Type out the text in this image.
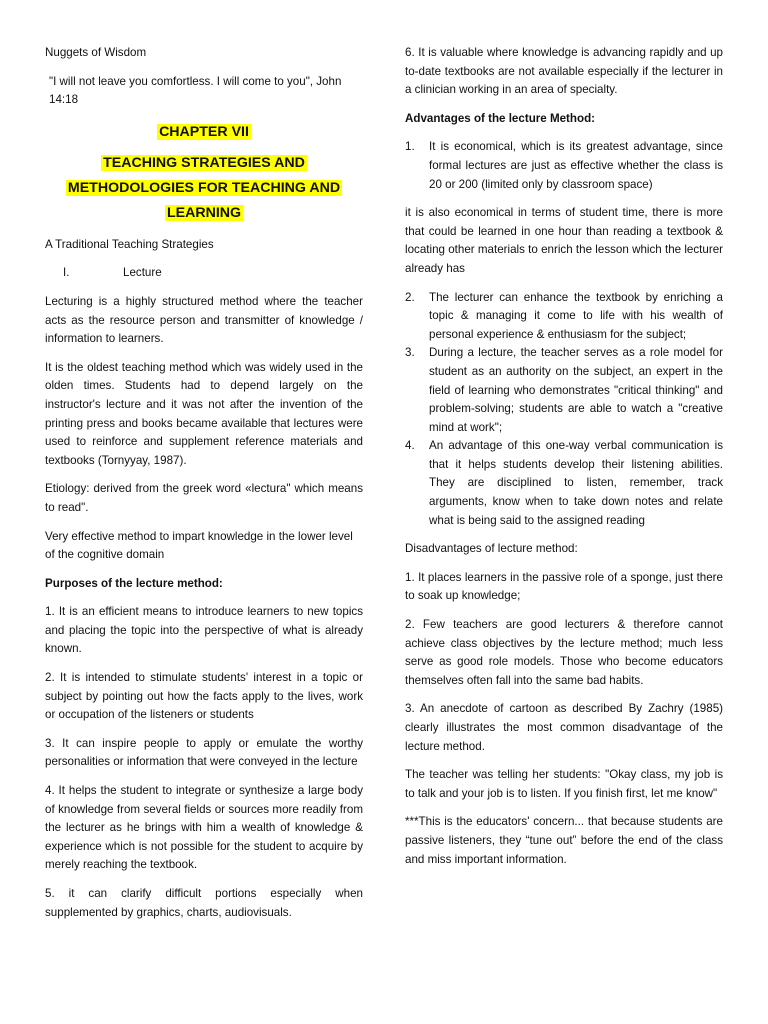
Nuggets of Wisdom

"I will not leave you comfortless. I will come to you", John 14:18

CHAPTER VII
TEACHING STRATEGIES AND
METHODOLOGIES FOR TEACHING AND
LEARNING

A Traditional Teaching Strategies

I.	Lecture

Lecturing is a highly structured method where the teacher acts as the resource person and transmitter of knowledge / information to learners.

It is the oldest teaching method which was widely used in the olden times. Students had to depend largely on the instructor's lecture and it was not after the invention of the printing press and books became available that lectures were used to reinforce and supplement reference materials and textbooks (Tornyyay, 1987).

Etiology: derived from the greek word «lectura" which means to read".

Very effective method to impart knowledge in the lower level of the cognitive domain

Purposes of the lecture method:

1. It is an efficient means to introduce learners to new topics and placing the topic into the perspective of what is already known.

2. It is intended to stimulate students' interest in a topic or subject by pointing out how the facts apply to the lives, work or occupation of the listeners or students

3. It can inspire people to apply or emulate the worthy personalities or information that were conveyed in the lecture

4. It helps the student to integrate or synthesize a large body of knowledge from several fields or sources more readily from the lecturer as he brings with him a wealth of knowledge & experience which is not possible for the student to acquire by merely reaching the textbook.

5. it can clarify difficult portions especially when supplemented by graphics, charts, audiovisuals.

6. It is valuable where knowledge is advancing rapidly and up to-date textbooks are not available especially if the lecturer in a clinician working in an area of specialty.

Advantages of the lecture Method:

1.	It is economical, which is its greatest advantage, since formal lectures are just as effective whether the class is 20 or 200 (limited only by classroom space)

it is also economical in terms of student time, there is more that could be learned in one hour than reading a textbook & locating other materials to enrich the lesson which the lecturer already has

2.	The lecturer can enhance the textbook by enriching a topic & managing it come to life with his wealth of personal experience & enthusiasm for the subject;
3.	During a lecture, the teacher serves as a role model for student as an authority on the subject, an expert in the field of learning who demonstrates "critical thinking" and problem-solving; students are able to watch a "creative mind at work";
4.	An advantage of this one-way verbal communication is that it helps students develop their listening abilities. They are disciplined to listen, remember, track arguments, know when to take down notes and relate what is being said to the assigned reading

Disadvantages of lecture method:

1. It places learners in the passive role of a sponge, just there to soak up knowledge;

2. Few teachers are good lecturers & therefore cannot achieve class objectives by the lecture method; much less serve as good role models. Those who become educators themselves often fall into the same bad habits.

3. An anecdote of cartoon as described By Zachry (1985) clearly illustrates the most common disadvantage of the lecture method.

The teacher was telling her students: "Okay class, my job is to talk and your job is to listen. If you finish first, let me know"

***This is the educators' concern... that because students are passive listeners, they “tune out” before the end of the class and miss important information.
